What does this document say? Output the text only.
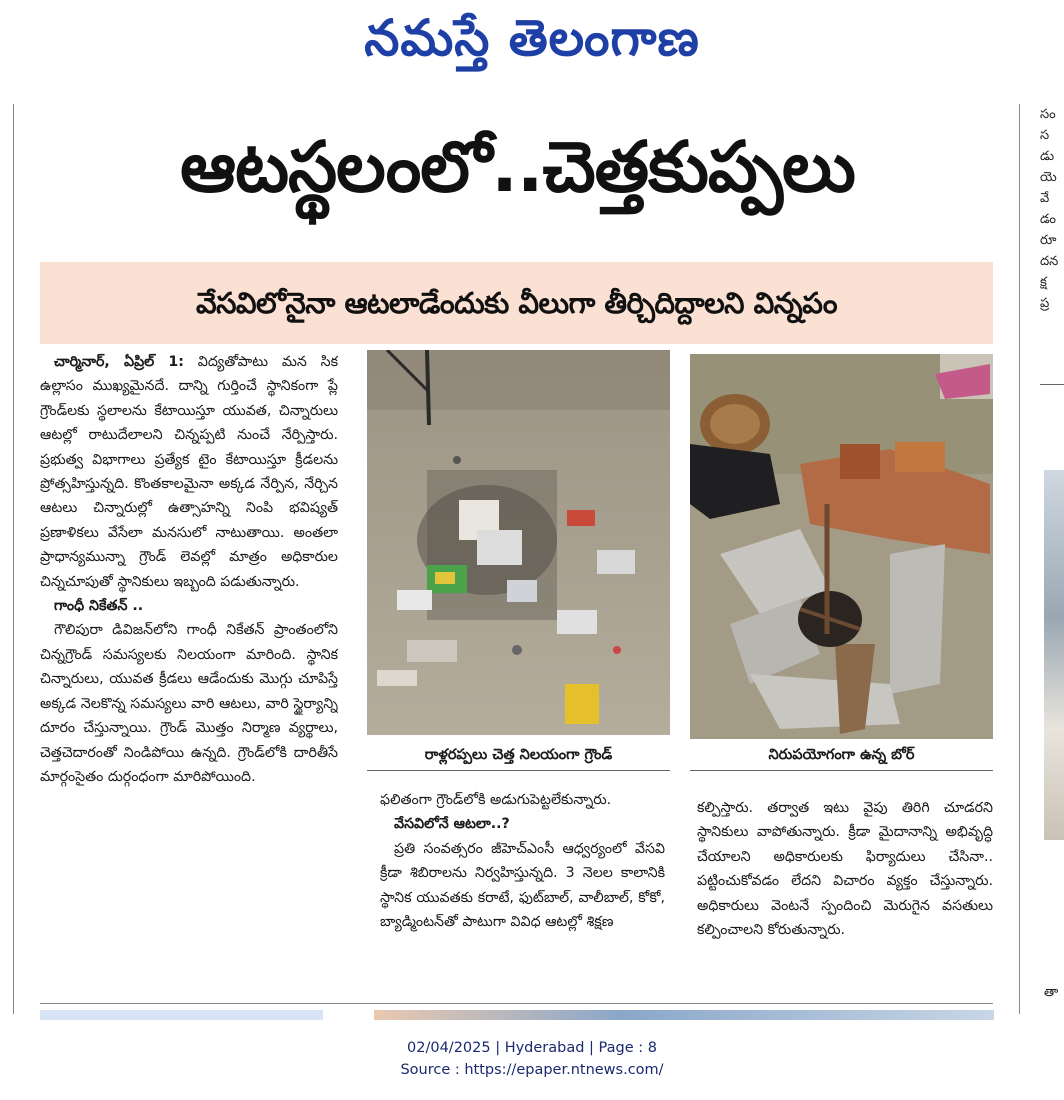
నమస్తే తెలంగాణ
ఆటస్థలంలో..చెత్తకుప్పలు
వేసవిలోనైనా ఆటలాడేందుకు వీలుగా తీర్చిదిద్దాలని విన్నపం

చార్మినార్, ఏప్రిల్ 1: విద్యతోపాటు మన సిక ఉల్లాసం ముఖ్యమైనదే. దాన్ని గుర్తించే స్థానికంగా ప్లే గ్రౌండ్‌లకు స్థలాలను కేటాయిస్తూ యువత, చిన్నారులు ఆటల్లో రాటుదేలాలని చిన్నప్పటి నుంచే నేర్పిస్తారు. ప్రభుత్వ విభాగాలు ప్రత్యేక టైం కేటాయిస్తూ క్రీడలను ప్రోత్సహిస్తున్నది. కొంతకాలమైనా అక్కడ నేర్పిన, నేర్చిన ఆటలు చిన్నారుల్లో ఉత్సాహన్ని నింపి భవిష్యత్ ప్రణాళికలు వేసేలా మనసులో నాటుతాయి. అంతలా ప్రాధాన్యమున్నా గ్రౌండ్ లెవల్లో మాత్రం అధికారుల చిన్నచూపుతో స్థానికులు ఇబ్బంది పడుతున్నారు.

గాంధీ నికేతన్ ..

గౌలిపురా డివిజన్‌లోని గాంధీ నికేతన్ ప్రాంతంలోని చిన్నగ్రౌండ్ సమస్యలకు నిలయంగా మారింది. స్థానిక చిన్నారులు, యువత క్రీడలు ఆడేందుకు మొగ్గు చూపిస్తే అక్కడ నెలకొన్న సమస్యలు వారి ఆటలు, వారి స్థైర్యాన్ని దూరం చేస్తున్నాయి. గ్రౌండ్ మొత్తం నిర్మాణ వ్యర్థాలు, చెత్తచెదారంతో నిండిపోయి ఉన్నది. గ్రౌండ్‌లోకి దారితీసే మార్గంసైతం దుర్గంధంగా మారిపోయింది.

రాళ్లరప్పలు చెత్త నిలయంగా గ్రౌండ్	నిరుపయోగంగా ఉన్న బోర్

ఫలితంగా గ్రౌండ్‌లోకి అడుగుపెట్టలేకున్నారు.

వేసవిలోనే ఆటలా..?

ప్రతి సంవత్సరం జీహెచ్‌ఎంసీ ఆధ్వర్యంలో వేసవి క్రీడా శిబిరాలను నిర్వహిస్తున్నది. 3 నెలల కాలానికి స్థానిక యువతకు కరాటే, ఫుట్‌బాల్, వాలీబాల్, కోకో, బ్యాడ్మింటన్‌తో పాటుగా వివిధ ఆటల్లో శిక్షణ

కల్పిస్తారు. తర్వాత ఇటు వైపు తిరిగి చూడరని స్థానికులు వాపోతున్నారు. క్రీడా మైదానాన్ని అభివృద్ధి చేయాలని అధికారులకు ఫిర్యాదులు చేసినా.. పట్టించుకోవడం లేదని విచారం వ్యక్తం చేస్తున్నారు. అధికారులు వెంటనే స్పందించి మెరుగైన వసతులు కల్పించాలని కోరుతున్నారు.

సం
స
డు
యె
వే
డం
రూ
దన
క్ష
ప్ర
తా
02/04/2025 | Hyderabad | Page : 8
Source : https://epaper.ntnews.com/
